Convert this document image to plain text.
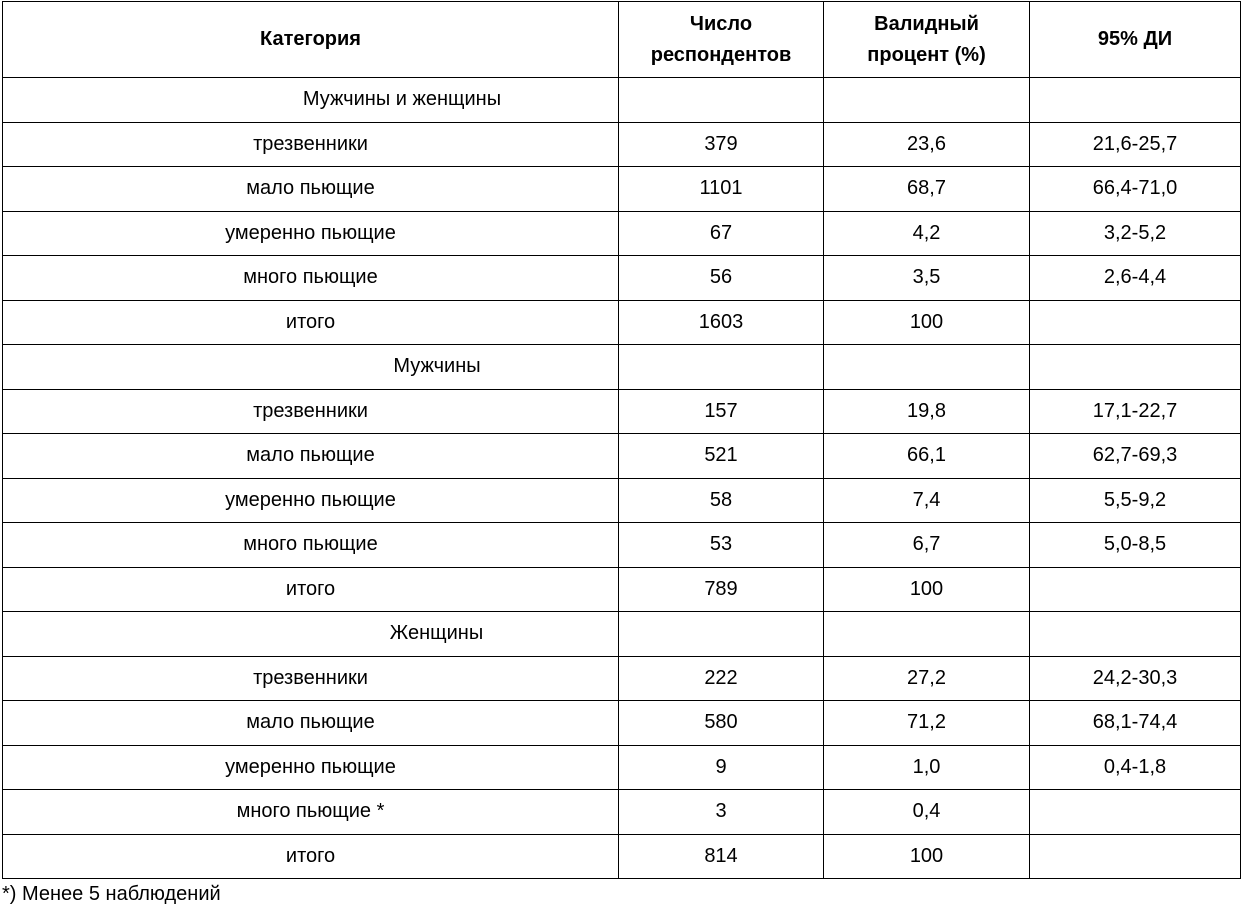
Категория	Число респондентов	Валидный процент (%)	95% ДИ
Мужчины и женщины			
трезвенники	379	23,6	21,6-25,7
мало пьющие	1101	68,7	66,4-71,0
умеренно пьющие	67	4,2	3,2-5,2
много пьющие	56	3,5	2,6-4,4
итого	1603	100	
Мужчины			
трезвенники	157	19,8	17,1-22,7
мало пьющие	521	66,1	62,7-69,3
умеренно пьющие	58	7,4	5,5-9,2
много пьющие	53	6,7	5,0-8,5
итого	789	100	
Женщины			
трезвенники	222	27,2	24,2-30,3
мало пьющие	580	71,2	68,1-74,4
умеренно пьющие	9	1,0	0,4-1,8
много пьющие *	3	0,4	
итого	814	100	
*) Менее 5 наблюдений
